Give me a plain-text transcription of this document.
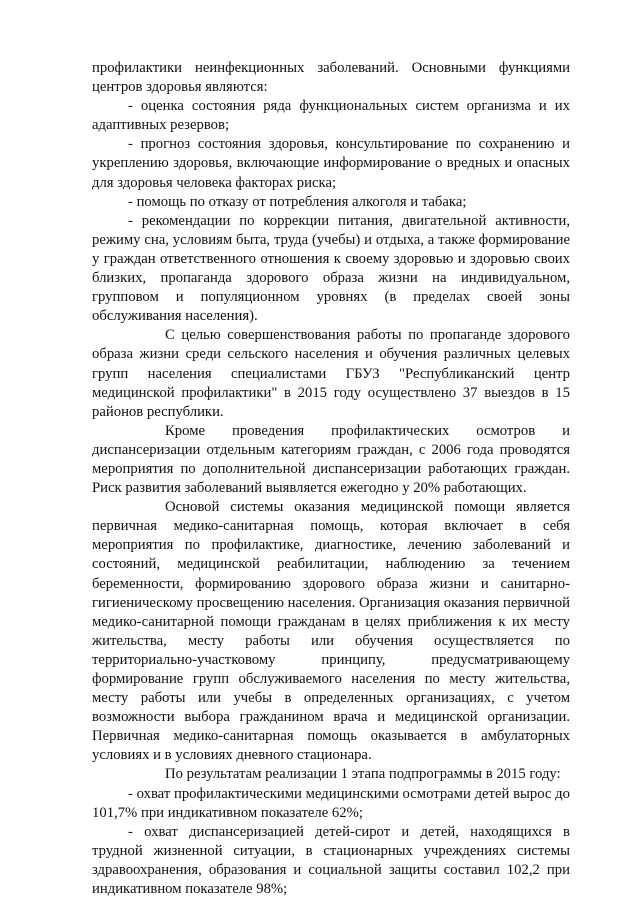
профилактики неинфекционных заболеваний. Основными функциями центров здоровья являются:

- оценка состояния ряда функциональных систем организма и их адаптивных резервов;

- прогноз состояния здоровья, консультирование по сохранению и укреплению здоровья, включающие информирование о вредных и опасных для здоровья человека факторах риска;

- помощь по отказу от потребления алкоголя и табака;

- рекомендации по коррекции питания, двигательной активности, режиму сна, условиям быта, труда (учебы) и отдыха, а также формирование у граждан ответственного отношения к своему здоровью и здоровью своих близких, пропаганда здорового образа жизни на индивидуальном, групповом и популяционном уровнях (в пределах своей зоны обслуживания населения).

С целью совершенствования работы по пропаганде здорового образа жизни среди сельского населения и обучения различных целевых групп населения специалистами ГБУЗ "Республиканский центр медицинской профилактики" в 2015 году осуществлено 37 выездов в 15 районов республики.

Кроме проведения профилактических осмотров и диспансеризации отдельным категориям граждан, с 2006 года проводятся мероприятия по дополнительной диспансеризации работающих граждан. Риск развития заболеваний выявляется ежегодно у 20% работающих.

Основой системы оказания медицинской помощи является первичная медико-санитарная помощь, которая включает в себя мероприятия по профилактике, диагностике, лечению заболеваний и состояний, медицинской реабилитации, наблюдению за течением беременности, формированию здорового образа жизни и санитарно-гигиеническому просвещению населения. Организация оказания первичной медико-санитарной помощи гражданам в целях приближения к их месту жительства, месту работы или обучения осуществляется по территориально-участковому принципу, предусматривающему формирование групп обслуживаемого населения по месту жительства, месту работы или учебы в определенных организациях, с учетом возможности выбора гражданином врача и медицинской организации. Первичная медико-санитарная помощь оказывается в амбулаторных условиях и в условиях дневного стационара.

По результатам реализации 1 этапа подпрограммы в 2015 году:

- охват профилактическими медицинскими осмотрами детей вырос до 101,7% при индикативном показателе 62%;

- охват диспансеризацией детей-сирот и детей, находящихся в трудной жизненной ситуации, в стационарных учреждениях системы здравоохранения, образования и социальной защиты составил 102,2 при индикативном показателе 98%;
